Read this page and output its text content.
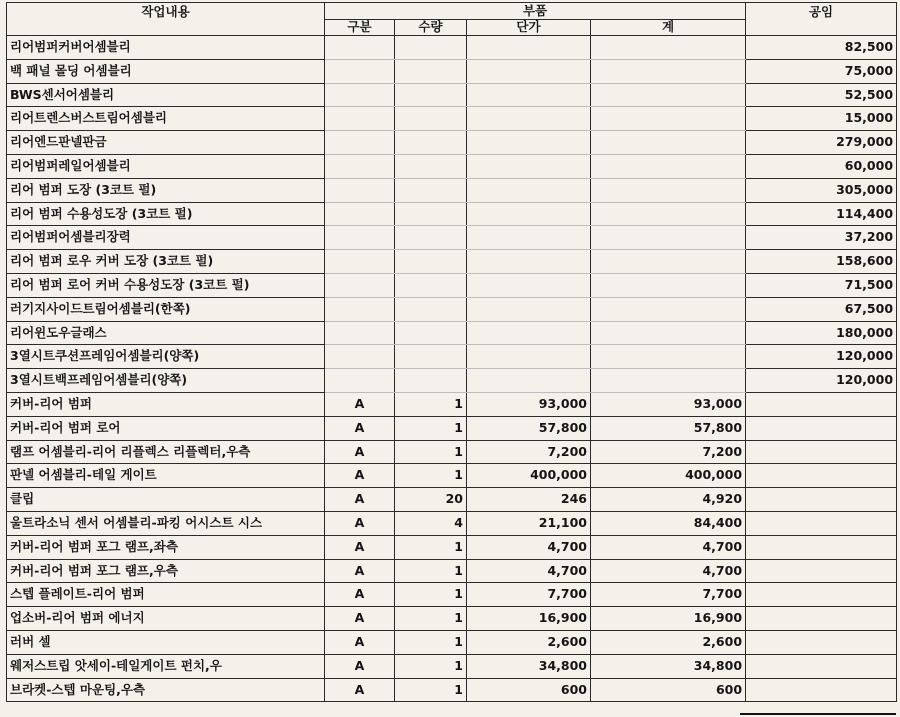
작업내용	부품				공임
	구분	수량	단가	계	
리어범퍼커버어셈블리					82,500
백 패널 몰딩 어셈블리					75,000
BWS센서어셈블리					52,500
리어트렌스버스트림어셈블리					15,000
리어엔드판넬판금					279,000
리어범퍼레일어셈블리					60,000
리어 범퍼 도장 (3코트 펄)					305,000
리어 범퍼 수용성도장 (3코트 펄)					114,400
리어범퍼어셈블리장력					37,200
리어 범퍼 로우 커버 도장 (3코트 펄)					158,600
리어 범퍼 로어 커버 수용성도장 (3코트 펄)					71,500
러기지사이드트림어셈블리(한쪽)					67,500
리어윈도우글래스					180,000
3열시트쿠션프레임어셈블리(양쪽)					120,000
3열시트백프레임어셈블리(양쪽)					120,000
커버-리어 범퍼	A	1	93,000	93,000	
커버-리어 범퍼 로어	A	1	57,800	57,800	
램프 어셈블리-리어 리플렉스 리플렉터,우측	A	1	7,200	7,200	
판넬 어셈블리-테일 게이트	A	1	400,000	400,000	
클립	A	20	246	4,920	
울트라소닉 센서 어셈블리-파킹 어시스트 시스	A	4	21,100	84,400	
커버-리어 범퍼 포그 램프,좌측	A	1	4,700	4,700	
커버-리어 범퍼 포그 램프,우측	A	1	4,700	4,700	
스텝 플레이트-리어 범퍼	A	1	7,700	7,700	
업소버-리어 범퍼 에너지	A	1	16,900	16,900	
러버 셀	A	1	2,600	2,600	
웨저스트립 앗세이-테일게이트 펀치,우	A	1	34,800	34,800	
브라켓-스텝 마운팅,우측	A	1	600	600	
